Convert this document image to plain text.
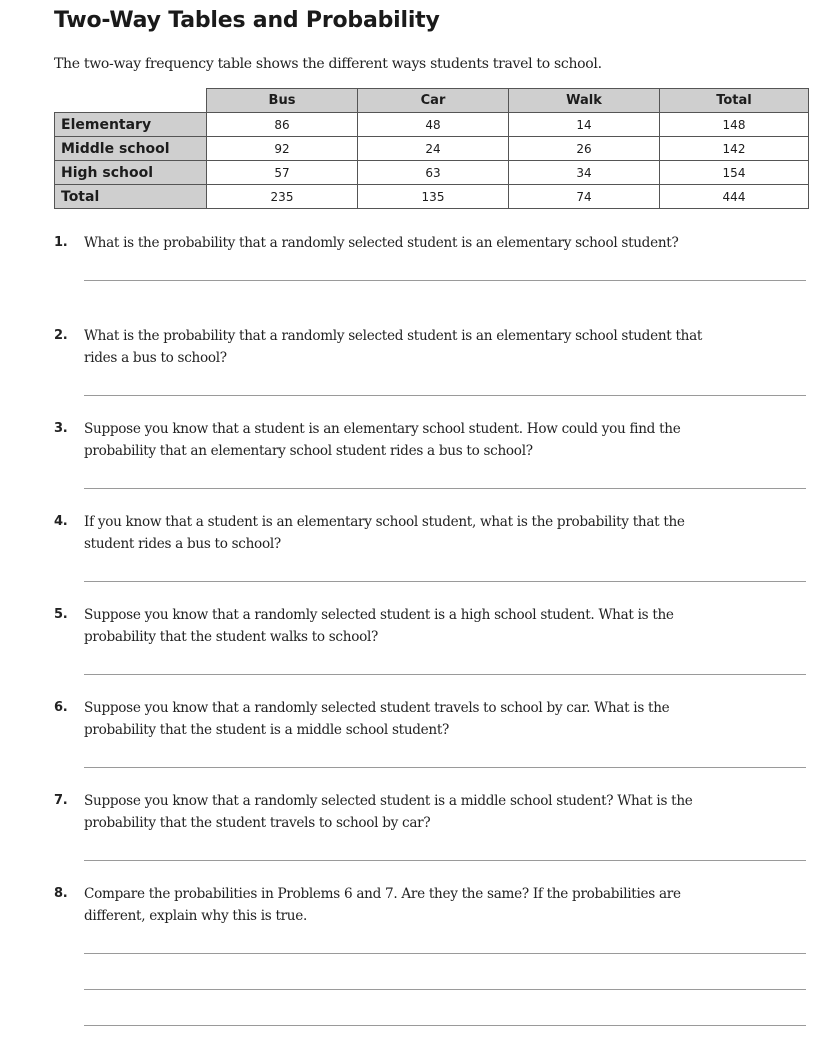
Two-Way Tables and Probability

The two-way frequency table shows the different ways students travel to school.

	Bus	Car	Walk	Total
Elementary	86	48	14	148
Middle school	92	24	26	142
High school	57	63	34	154
Total	235	135	74	444
1. What is the probability that a randomly selected student is an elementary school student?
2. What is the probability that a randomly selected student is an elementary school student that rides a bus to school?
3. Suppose you know that a student is an elementary school student. How could you find the probability that an elementary school student rides a bus to school?
4. If you know that a student is an elementary school student, what is the probability that the student rides a bus to school?
5. Suppose you know that a randomly selected student is a high school student. What is the probability that the student walks to school?
6. Suppose you know that a randomly selected student travels to school by car. What is the probability that the student is a middle school student?
7. Suppose you know that a randomly selected student is a middle school student? What is the probability that the student travels to school by car?
8. Compare the probabilities in Problems 6 and 7. Are they the same? If the probabilities are different, explain why this is true.
